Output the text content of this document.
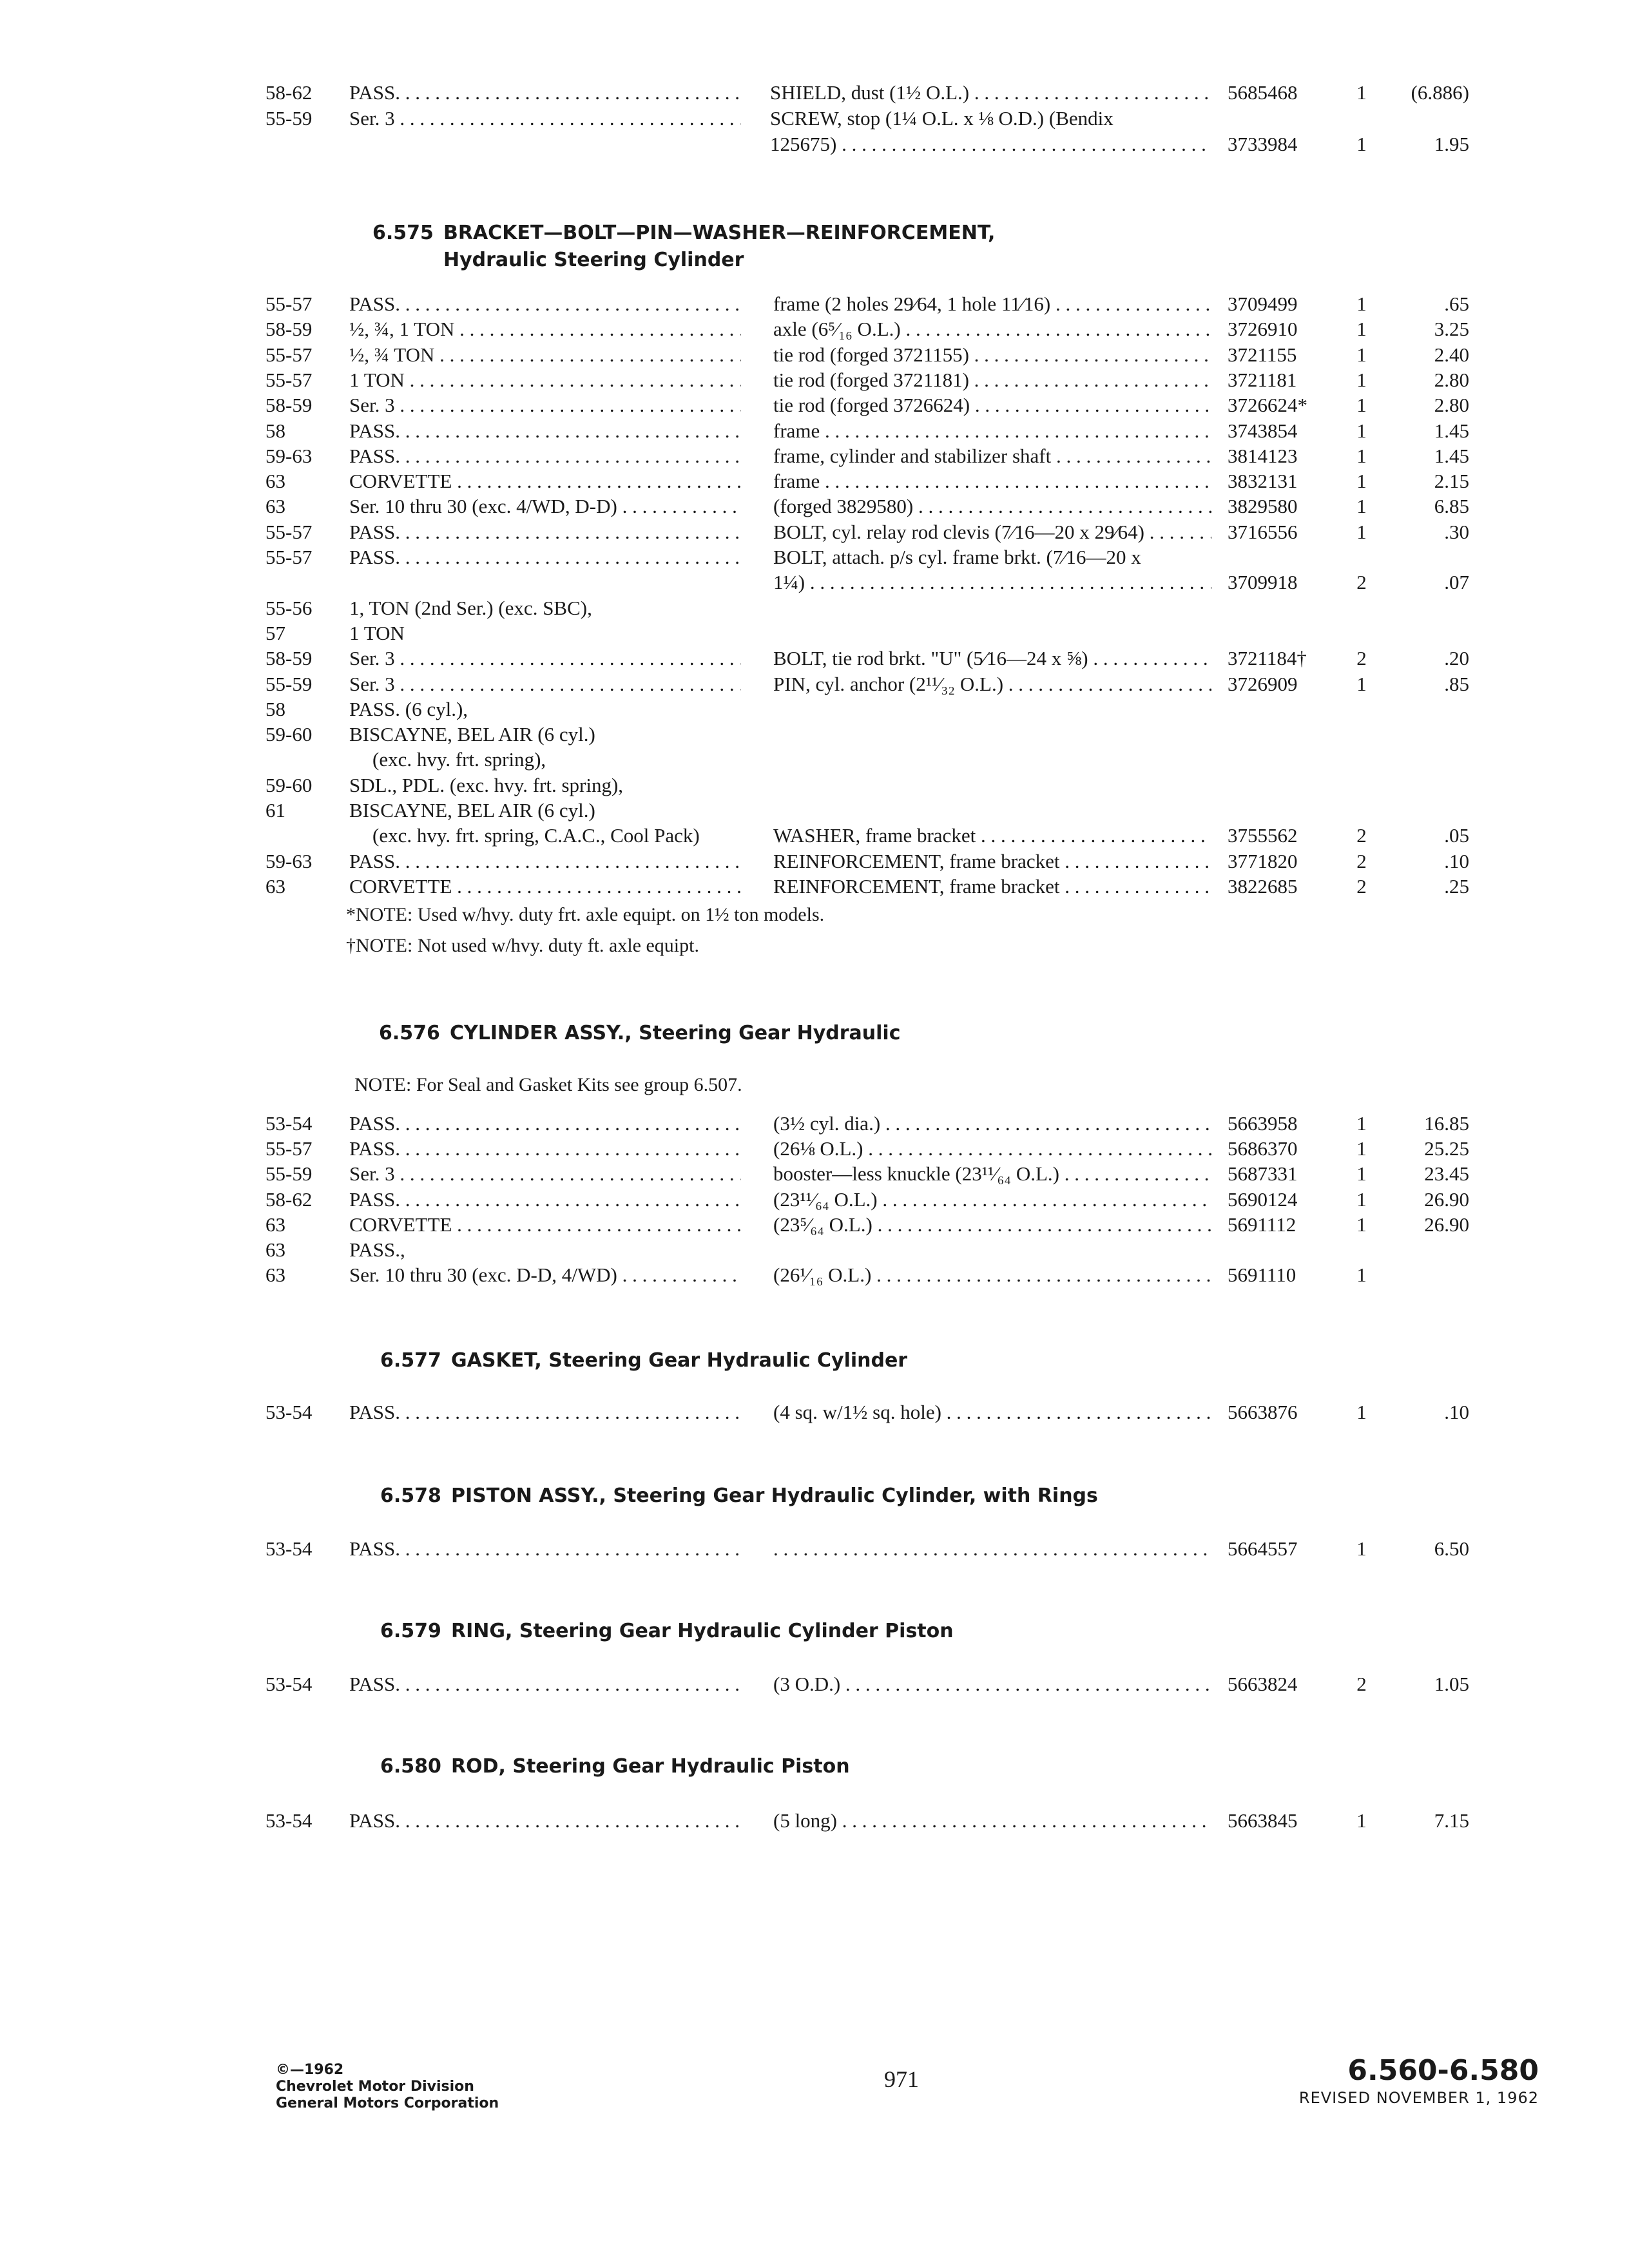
58-62	PASS. . . .	SHIELD, dust (1½ O.L.) . . .	5685468	1	(6.886)
55-59	Ser. 3 . . .	SCREW, stop (1¼ O.L. x ⅛ O.D.) (Bendix
125675) . . .	3733984	1	1.95
6.575 BRACKET—BOLT—PIN—WASHER—REINFORCEMENT,
Hydraulic Steering Cylinder
55-57	PASS. . . .	frame (2 holes 29⁄64, 1 hole 11⁄16) . . .	3709499	1	.65
58-59	½, ¾, 1 TON . . .	axle (6⁵⁄₁₆ O.L.) . . .	3726910	1	3.25
55-57	½, ¾ TON . . .	tie rod (forged 3721155) . . .	3721155	1	2.40
55-57	1 TON . . .	tie rod (forged 3721181) . . .	3721181	1	2.80
58-59	Ser. 3 . . .	tie rod (forged 3726624) . . .	3726624*	1	2.80
58	PASS. . . .	frame . . .	3743854	1	1.45
59-63	PASS. . . .	frame, cylinder and stabilizer shaft . . .	3814123	1	1.45
63	CORVETTE . . .	frame . . .	3832131	1	2.15
63	Ser. 10 thru 30 (exc. 4/WD, D-D) . . .	(forged 3829580) . . .	3829580	1	6.85
55-57	PASS. . . .	BOLT, cyl. relay rod clevis (7⁄16—20 x 29⁄64) . . .	3716556	1	.30
55-57	PASS. . . .	BOLT, attach. p/s cyl. frame brkt. (7⁄16—20 x
1¼) . . .	3709918	2	.07
55-56	1, TON (2nd Ser.) (exc. SBC),
57	1 TON
58-59	Ser. 3 . . .	BOLT, tie rod brkt. "U" (5⁄16—24 x ⅝) . . .	3721184†	2	.20
55-59	Ser. 3 . . .	PIN, cyl. anchor (2¹¹⁄₃₂ O.L.) . . .	3726909	1	.85
58	PASS. (6 cyl.),
59-60	BISCAYNE, BEL AIR (6 cyl.)
(exc. hvy. frt. spring),
59-60	SDL., PDL. (exc. hvy. frt. spring),
61	BISCAYNE, BEL AIR (6 cyl.)
(exc. hvy. frt. spring, C.A.C., Cool Pack)	WASHER, frame bracket . . .	3755562	2	.05
59-63	PASS. . . .	REINFORCEMENT, frame bracket . . .	3771820	2	.10
63	CORVETTE . . .	REINFORCEMENT, frame bracket . . .	3822685	2	.25
*NOTE: Used w/hvy. duty frt. axle equipt. on 1½ ton models.
†NOTE: Not used w/hvy. duty ft. axle equipt.
6.576 CYLINDER ASSY., Steering Gear Hydraulic
NOTE: For Seal and Gasket Kits see group 6.507.
53-54	PASS. . . .	(3½ cyl. dia.) . . .	5663958	1	16.85
55-57	PASS. . . .	(26⅛ O.L.) . . .	5686370	1	25.25
55-59	Ser. 3 . . .	booster—less knuckle (23¹¹⁄₆₄ O.L.) . . .	5687331	1	23.45
58-62	PASS. . . .	(23¹¹⁄₆₄ O.L.) . . .	5690124	1	26.90
63	CORVETTE . . .	(23⁵⁄₆₄ O.L.) . . .	5691112	1	26.90
63	PASS.,
63	Ser. 10 thru 30 (exc. D-D, 4/WD) . . .	(26¹⁄₁₆ O.L.) . . .	5691110	1
6.577 GASKET, Steering Gear Hydraulic Cylinder
53-54	PASS. . . .	(4 sq. w/1½ sq. hole) . . .	5663876	1	.10
6.578 PISTON ASSY., Steering Gear Hydraulic Cylinder, with Rings
53-54	PASS. . . .
. . .	5664557	1	6.50
6.579 RING, Steering Gear Hydraulic Cylinder Piston
53-54	PASS. . . .	(3 O.D.) . . .	5663824	2	1.05
6.580 ROD, Steering Gear Hydraulic Piston
53-54	PASS. . . .	(5 long) . . .	5663845	1	7.15
©—1962
Chevrolet Motor Division
General Motors Corporation
971	6.560-6.580
REVISED NOVEMBER 1, 1962
